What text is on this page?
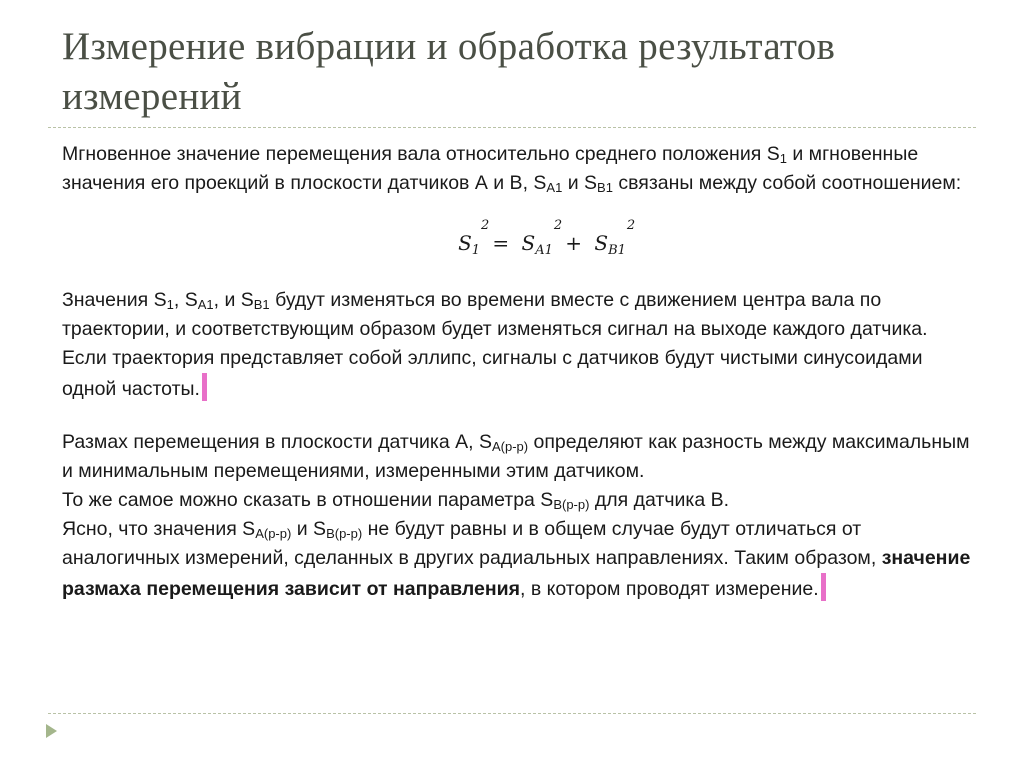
Измерение вибрации и обработка результатов измерений

Мгновенное значение перемещения вала относительно среднего положения $S_1$ и мгновенные значения его проекций в плоскости датчиков А и В, $S_{A1}$ и $S_{B1}$ связаны между собой соотношением:

S
2
$_1$ = S
2
$_{A1}$ + S
2
$_{B1}$

Значения $S_1$, $S_{A1}$, и $S_{B1}$ будут изменяться во времени вместе с движением центра вала по траектории, и соответствующим образом будет изменяться сигнал на выходе каждого датчика.

Если траектория представляет собой эллипс, сигналы с датчиков будут чистыми синусоидами одной частоты.

Размах перемещения в плоскости датчика А, $S_{A(p-p)}$ определяют как разность между максимальным и минимальным перемещениями, измеренными этим датчиком.

То же самое можно сказать в отношении параметра $S_{B(p-p)}$ для датчика В.

Ясно, что значения $S_{A(p-p)}$ и $S_{B(p-p)}$ не будут равны и в общем случае будут отличаться от аналогичных измерений, сделанных в других радиальных направлениях. Таким образом, значение размаха перемещения зависит от направления, в котором проводят измерение.
